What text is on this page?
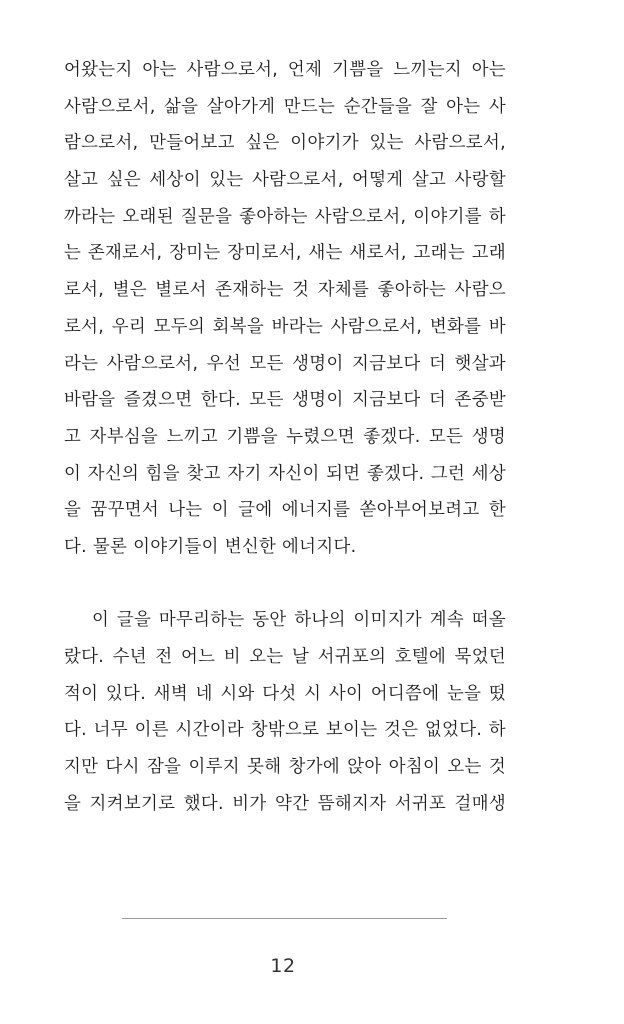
어왔는지 아는 사람으로서, 언제 기쁨을 느끼는지 아는
사람으로서, 삶을 살아가게 만드는 순간들을 잘 아는 사
람으로서, 만들어보고 싶은 이야기가 있는 사람으로서,
살고 싶은 세상이 있는 사람으로서, 어떻게 살고 사랑할
까라는 오래된 질문을 좋아하는 사람으로서, 이야기를 하
는 존재로서, 장미는 장미로서, 새는 새로서, 고래는 고래
로서, 별은 별로서 존재하는 것 자체를 좋아하는 사람으
로서, 우리 모두의 회복을 바라는 사람으로서, 변화를 바
라는 사람으로서, 우선 모든 생명이 지금보다 더 햇살과
바람을 즐겼으면 한다. 모든 생명이 지금보다 더 존중받
고 자부심을 느끼고 기쁨을 누렸으면 좋겠다. 모든 생명
이 자신의 힘을 찾고 자기 자신이 되면 좋겠다. 그런 세상
을 꿈꾸면서 나는 이 글에 에너지를 쏟아부어보려고 한
다. 물론 이야기들이 변신한 에너지다.
이 글을 마무리하는 동안 하나의 이미지가 계속 떠올
랐다. 수년 전 어느 비 오는 날 서귀포의 호텔에 묵었던
적이 있다. 새벽 네 시와 다섯 시 사이 어디쯤에 눈을 떴
다. 너무 이른 시간이라 창밖으로 보이는 것은 없었다. 하
지만 다시 잠을 이루지 못해 창가에 앉아 아침이 오는 것
을 지켜보기로 했다. 비가 약간 뜸해지자 서귀포 걸매생
12
